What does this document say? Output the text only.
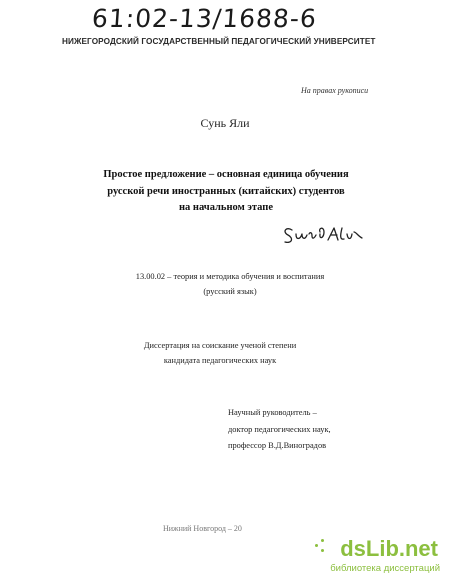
61:02-13/1688-6
НИЖЕГОРОДСКИЙ ГОСУДАРСТВЕННЫЙ ПЕДАГОГИЧЕСКИЙ УНИВЕРСИТЕТ
На правах рукописи
Сунь Яли
Простое предложение – основная единица обучения
русской речи иностранных (китайских) студентов
на начальном этапе
13.00.02 – теория и методика обучения и воспитания
(русский язык)
Диссертация на соискание ученой степени
кандидата педагогических наук
Научный руководитель –
доктор педагогических наук,
профессор В.Д.Виноградов
Нижний Новгород – 20
dsLib.net
библиотека диссертаций
